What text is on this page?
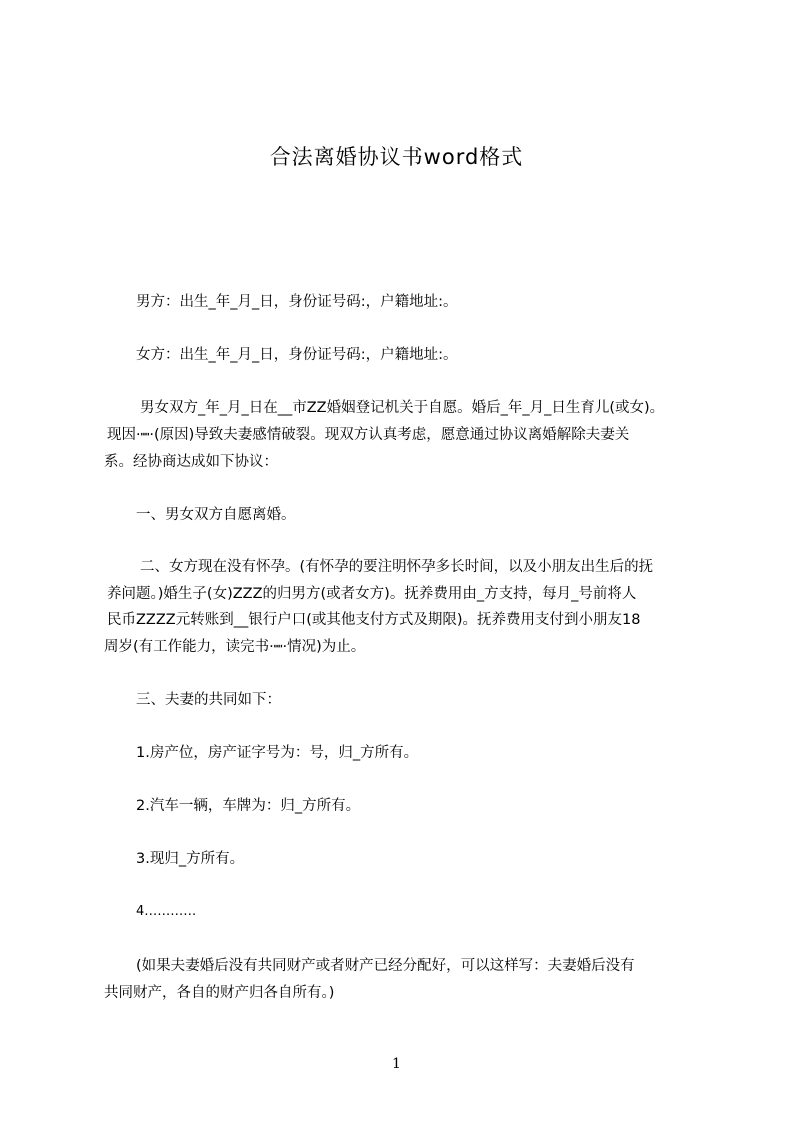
合法离婚协议书word格式
男方：出生_年_月_日，身份证号码:，户籍地址:。
女方：出生_年_月_日，身份证号码:，户籍地址:。
男女双方_年_月_日在__市ZZ婚姻登记机关于自愿。婚后_年_月_日生育儿(或女)。
现因·┉·(原因)导致夫妻感情破裂。现双方认真考虑，愿意通过协议离婚解除夫妻关
系。经协商达成如下协议：
一、男女双方自愿离婚。
二、女方现在没有怀孕。(有怀孕的要注明怀孕多长时间，以及小朋友出生后的抚
养问题。)婚生子(女)ZZZ的归男方(或者女方)。抚养费用由_方支持，每月_号前将人
民币ZZZZ元转账到__银行户口(或其他支付方式及期限)。抚养费用支付到小朋友18
周岁(有工作能力，读完书·┉·情况)为止。
三、夫妻的共同如下：
1.房产位，房产证字号为：号，归_方所有。
2.汽车一辆，车牌为：归_方所有。
3.现归_方所有。
4…………
(如果夫妻婚后没有共同财产或者财产已经分配好，可以这样写：夫妻婚后没有
共同财产，各自的财产归各自所有。)
1
